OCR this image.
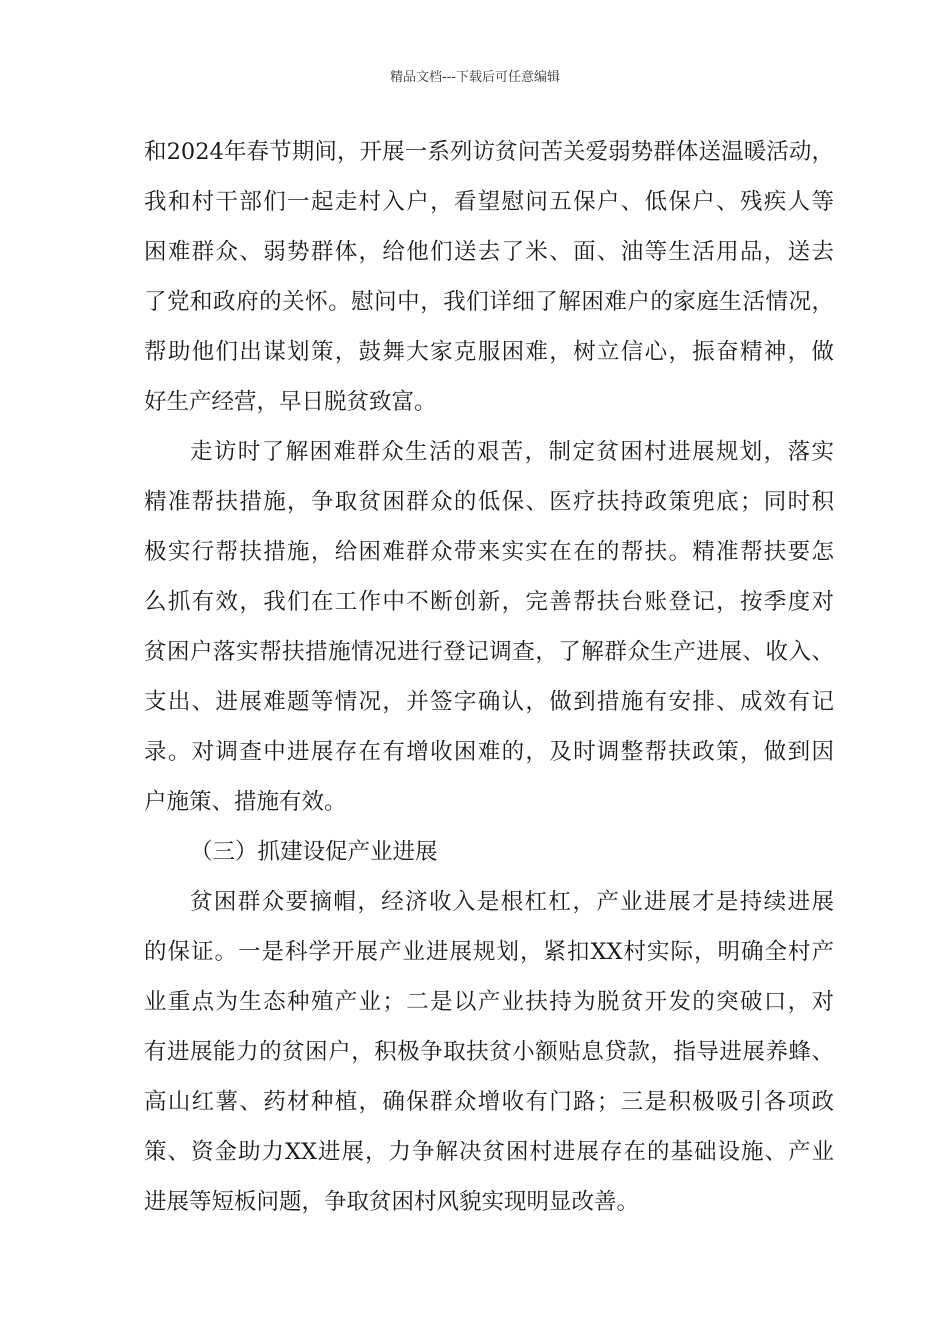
精品文档---下载后可任意编辑
和2024年春节期间，开展一系列访贫问苦关爱弱势群体送温暖活动，
我和村干部们一起走村入户，看望慰问五保户、低保户、残疾人等
困难群众、弱势群体，给他们送去了米、面、油等生活用品，送去
了党和政府的关怀。慰问中，我们详细了解困难户的家庭生活情况，
帮助他们出谋划策，鼓舞大家克服困难，树立信心，振奋精神，做
好生产经营，早日脱贫致富。
走访时了解困难群众生活的艰苦，制定贫困村进展规划，落实
精准帮扶措施，争取贫困群众的低保、医疗扶持政策兜底；同时积
极实行帮扶措施，给困难群众带来实实在在的帮扶。精准帮扶要怎
么抓有效，我们在工作中不断创新，完善帮扶台账登记，按季度对
贫困户落实帮扶措施情况进行登记调查，了解群众生产进展、收入、
支出、进展难题等情况，并签字确认，做到措施有安排、成效有记
录。对调查中进展存在有增收困难的，及时调整帮扶政策，做到因
户施策、措施有效。
（三）抓建设促产业进展
贫困群众要摘帽，经济收入是根杠杠，产业进展才是持续进展
的保证。一是科学开展产业进展规划，紧扣XX村实际，明确全村产
业重点为生态种殖产业；二是以产业扶持为脱贫开发的突破口，对
有进展能力的贫困户，积极争取扶贫小额贴息贷款，指导进展养蜂、
高山红薯、药材种植，确保群众增收有门路；三是积极吸引各项政
策、资金助力XX进展，力争解决贫困村进展存在的基础设施、产业
进展等短板问题，争取贫困村风貌实现明显改善。
